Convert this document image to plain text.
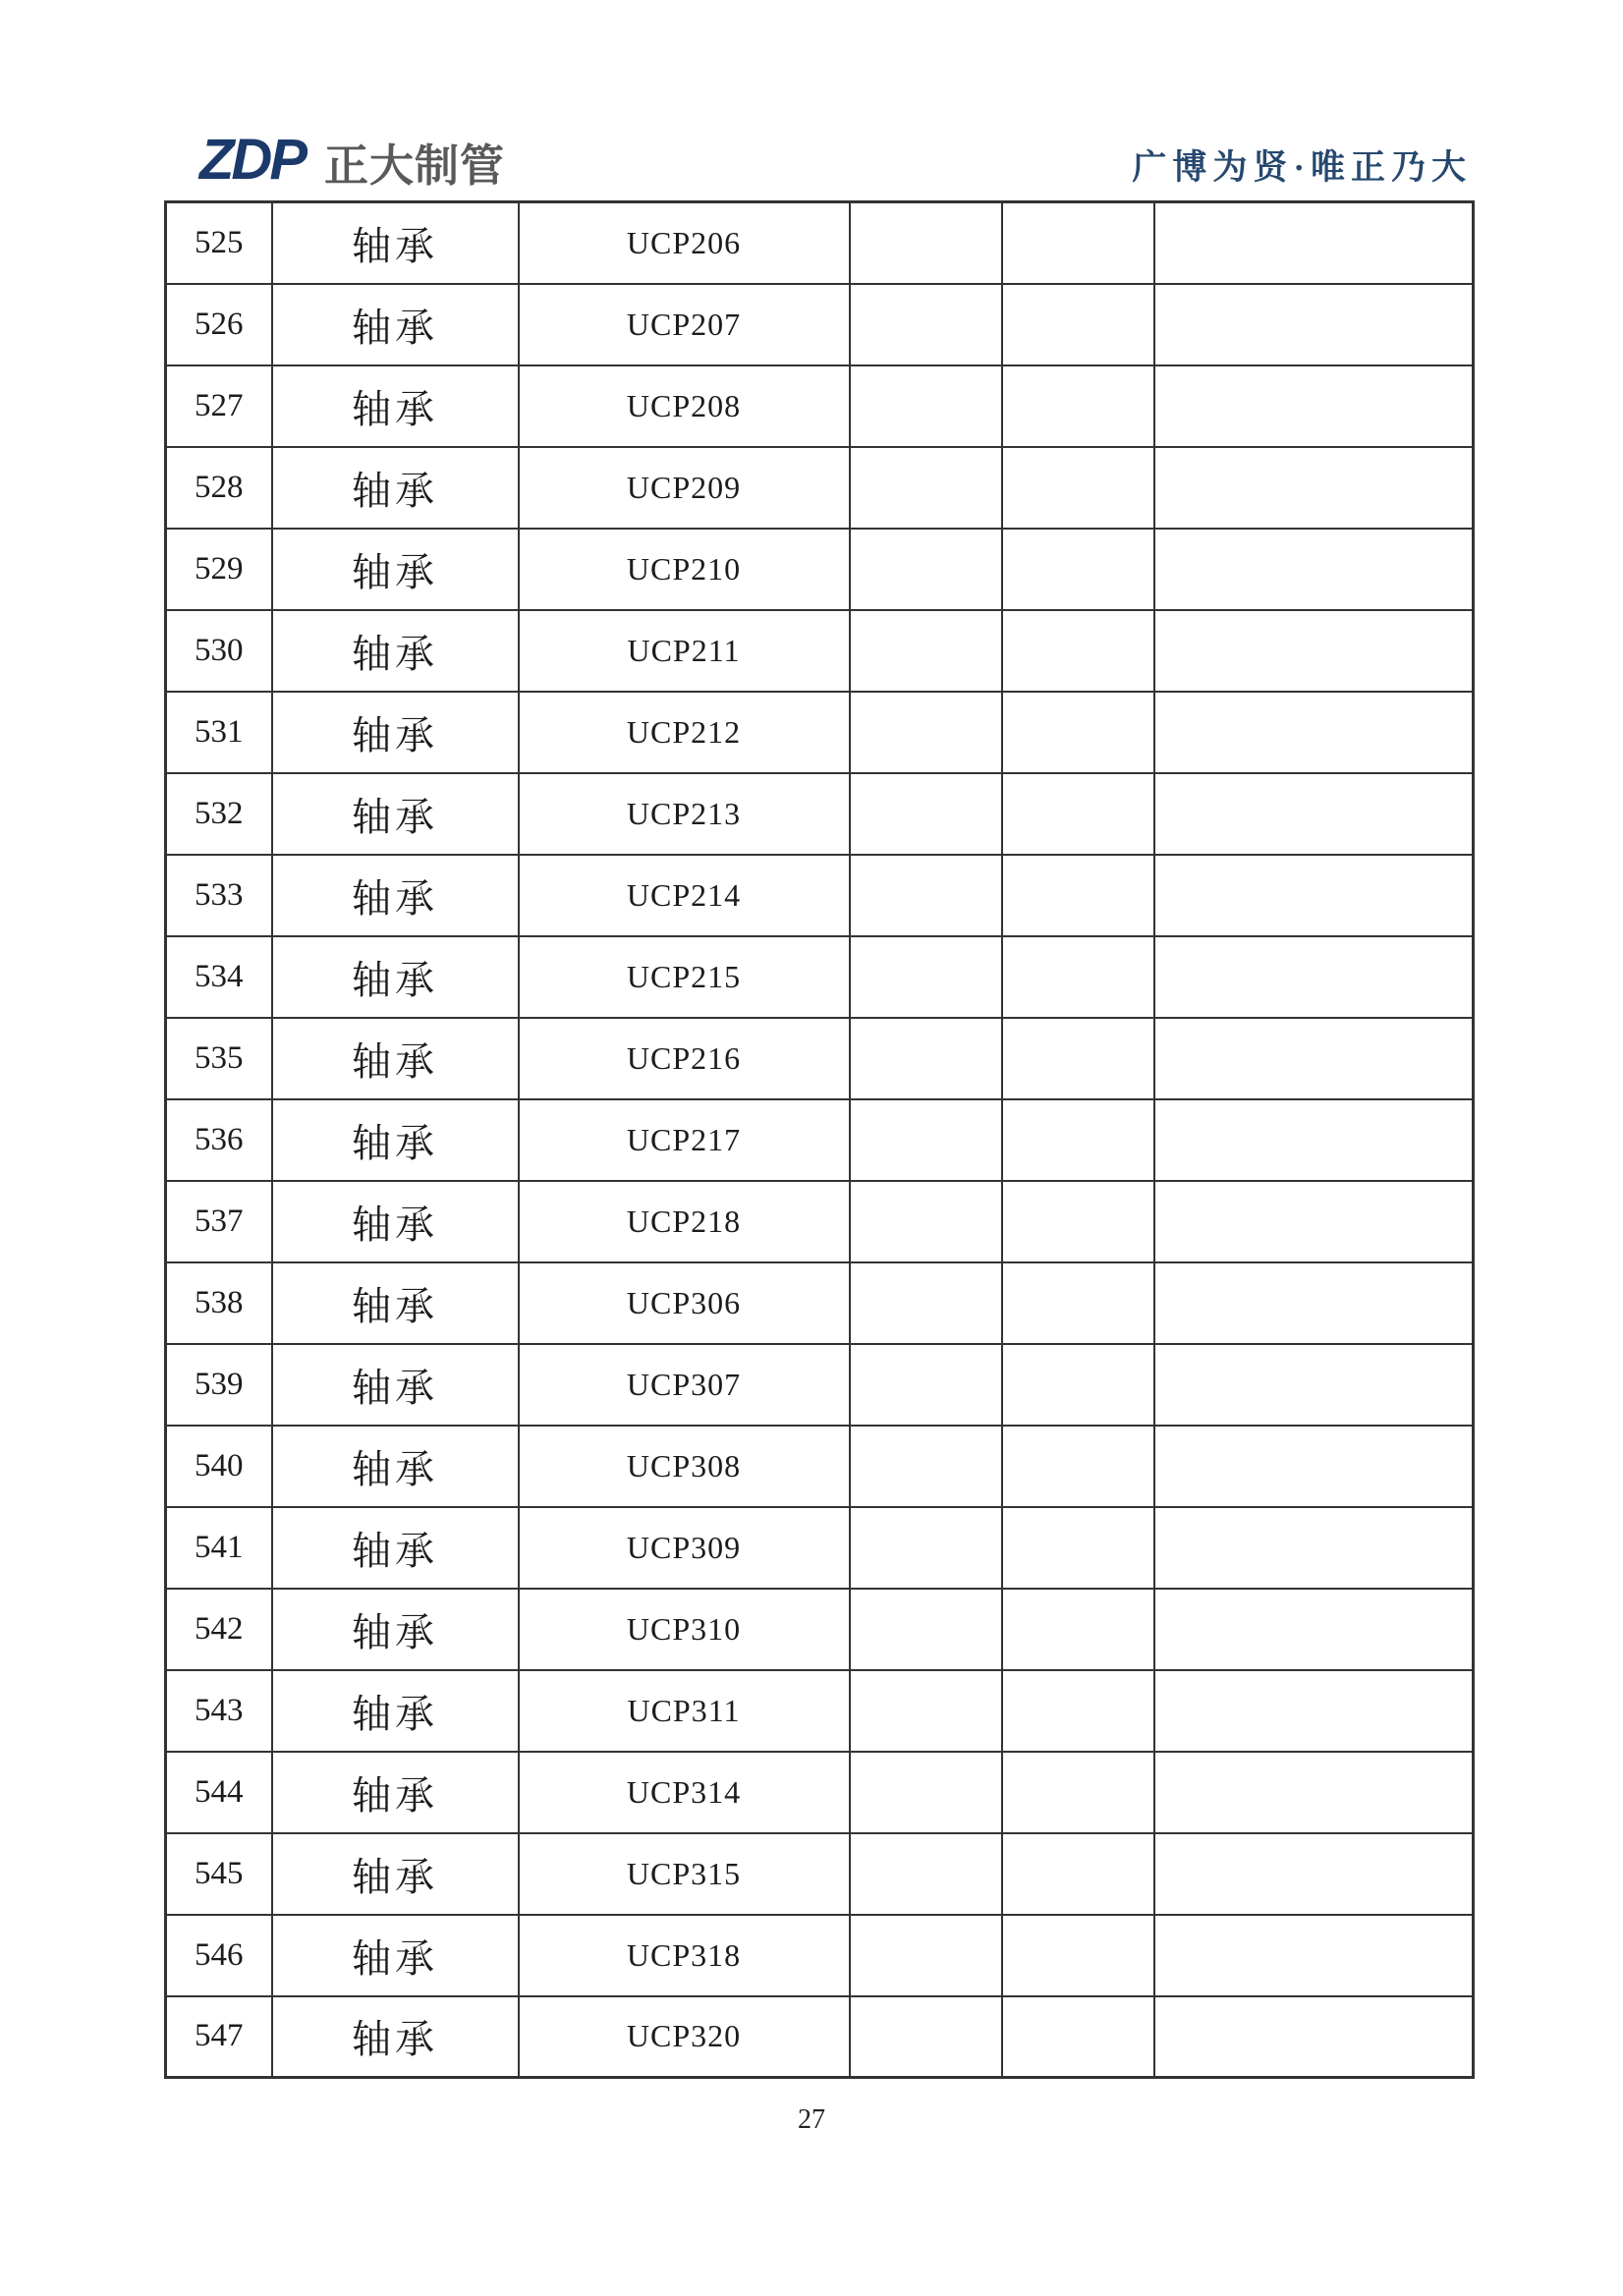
ZDP 正大制管	广博为贤·唯正乃大
525	轴承	UCP206			
526	轴承	UCP207			
527	轴承	UCP208			
528	轴承	UCP209			
529	轴承	UCP210			
530	轴承	UCP211			
531	轴承	UCP212			
532	轴承	UCP213			
533	轴承	UCP214			
534	轴承	UCP215			
535	轴承	UCP216			
536	轴承	UCP217			
537	轴承	UCP218			
538	轴承	UCP306			
539	轴承	UCP307			
540	轴承	UCP308			
541	轴承	UCP309			
542	轴承	UCP310			
543	轴承	UCP311			
544	轴承	UCP314			
545	轴承	UCP315			
546	轴承	UCP318			
547	轴承	UCP320			
27
